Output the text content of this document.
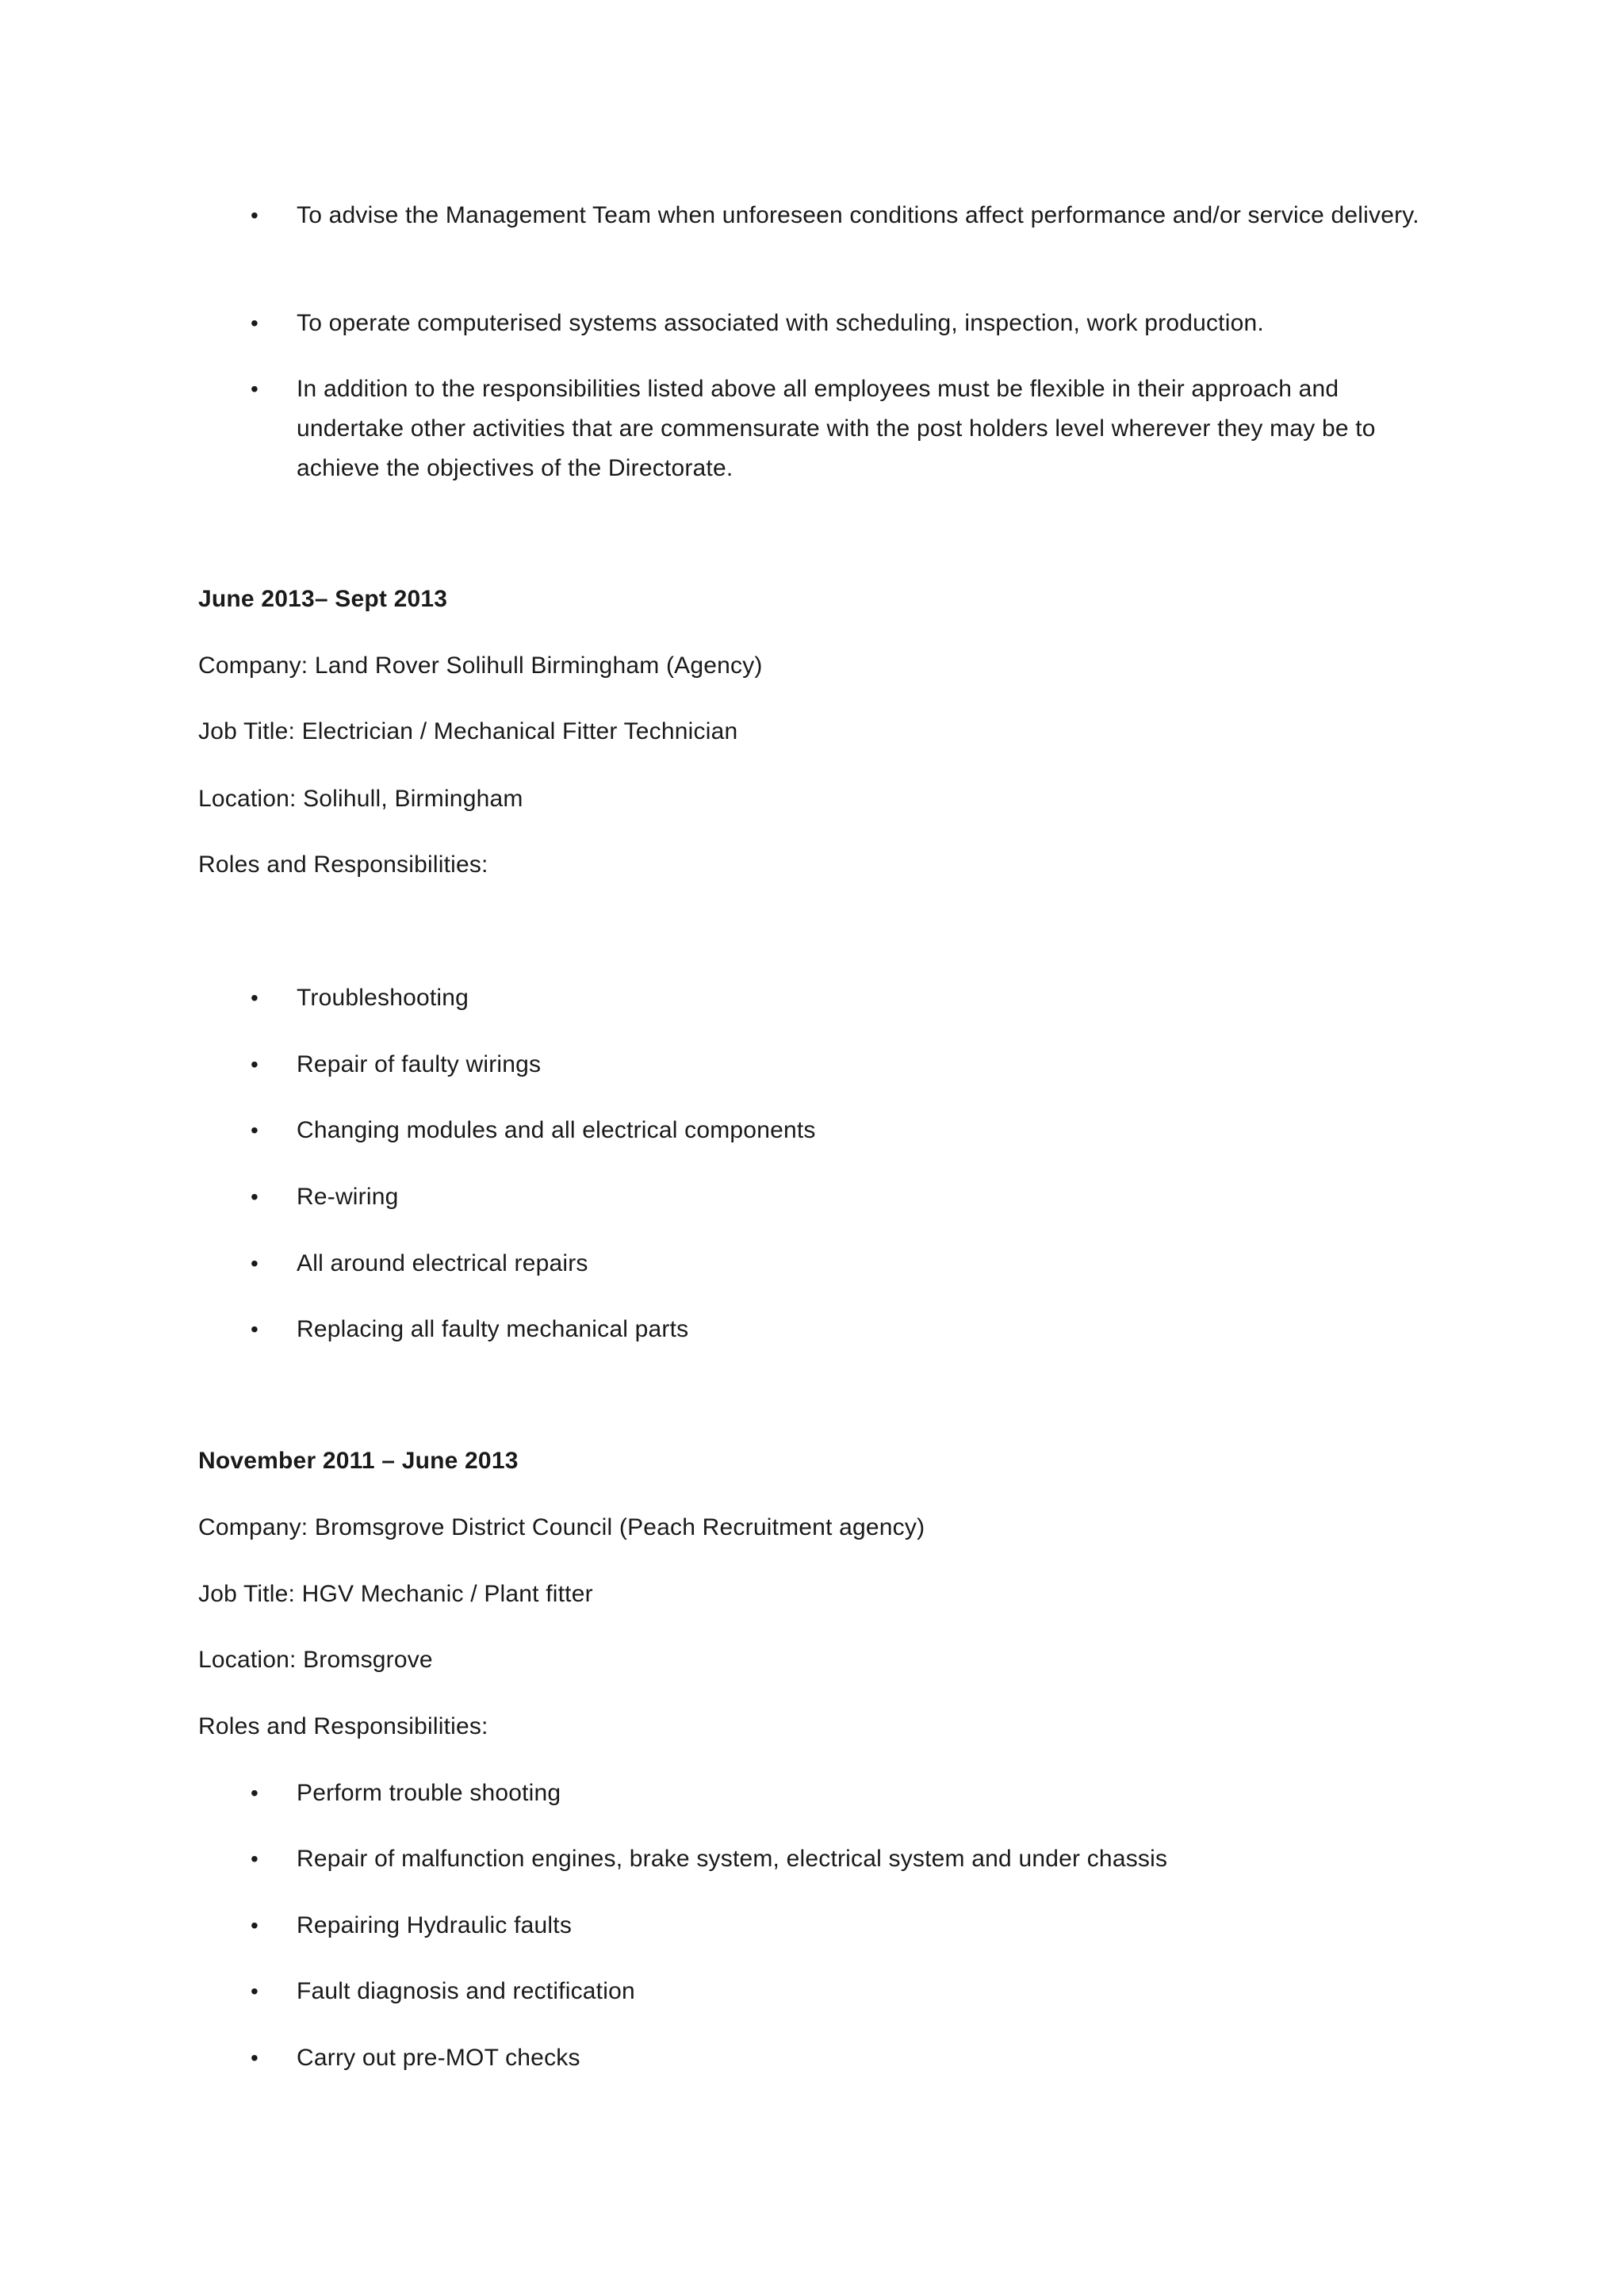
• To advise the Management Team when unforeseen conditions affect performance and/or service delivery.
• To operate computerised systems associated with scheduling, inspection, work production.
• In addition to the responsibilities listed above all employees must be flexible in their approach and undertake other activities that are commensurate with the post holders level wherever they may be to achieve the objectives of the Directorate.
June 2013– Sept 2013
Company: Land Rover Solihull Birmingham (Agency)
Job Title: Electrician / Mechanical Fitter Technician
Location: Solihull, Birmingham
Roles and Responsibilities:
• Troubleshooting
• Repair of faulty wirings
• Changing modules and all electrical components
• Re-wiring
• All around electrical repairs
• Replacing all faulty mechanical parts
November 2011 – June 2013
Company: Bromsgrove District Council (Peach Recruitment agency)
Job Title: HGV Mechanic / Plant fitter
Location: Bromsgrove
Roles and Responsibilities:
• Perform trouble shooting
• Repair of malfunction engines, brake system, electrical system and under chassis
• Repairing Hydraulic faults
• Fault diagnosis and rectification
• Carry out pre-MOT checks
